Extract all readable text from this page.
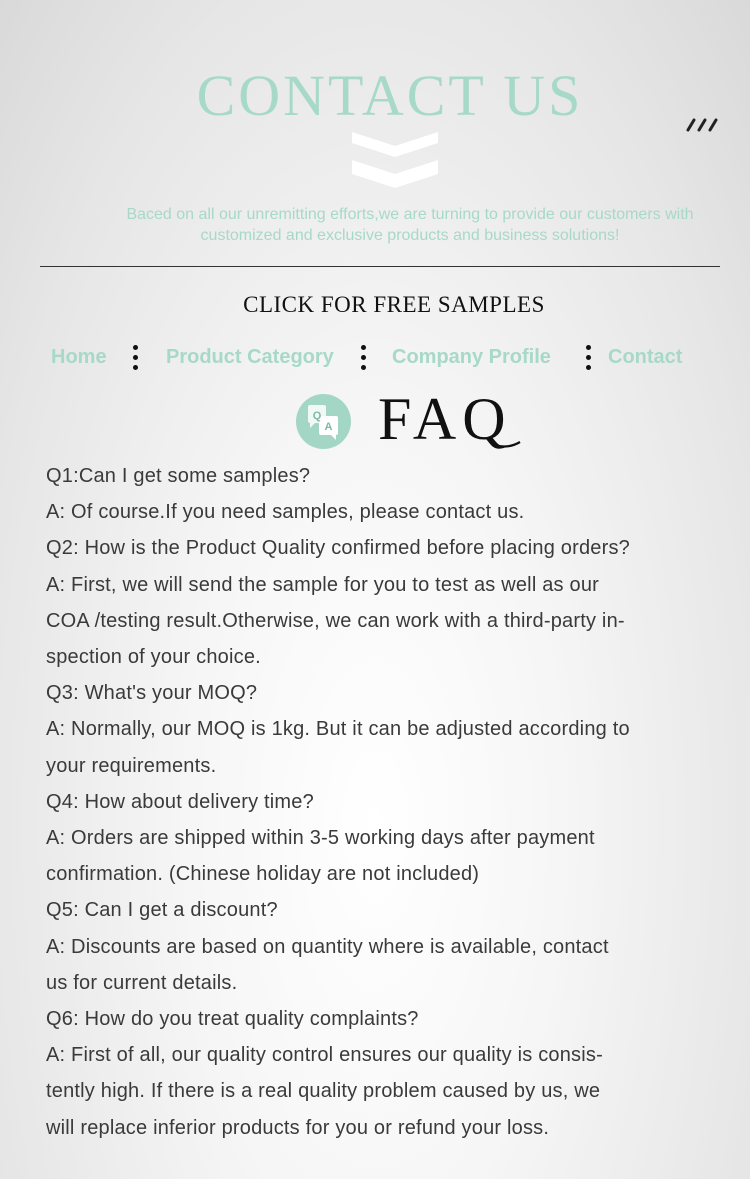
CONTACT US
Baced on all our unremitting efforts,we are turning to provide our customers with
customized and exclusive products and business solutions!
CLICK FOR FREE SAMPLES
Home	Product Category	Company Profile	Contact
Q
A FAQ
Q1:Can I get some samples?
A: Of course.If you need samples, please contact us.
Q2: How is the Product Quality confirmed before placing orders?
A: First, we will send the sample for you to test as well as our
COA /testing result.Otherwise, we can work with a third-party in-
spection of your choice.
Q3: What's your MOQ?
A: Normally, our MOQ is 1kg. But it can be adjusted according to
your requirements.
Q4: How about delivery time?
A: Orders are shipped within 3-5 working days after payment
confirmation. (Chinese holiday are not included)
Q5: Can I get a discount?
A: Discounts are based on quantity where is available, contact
us for current details.
Q6: How do you treat quality complaints?
A: First of all, our quality control ensures our quality is consis-
tently high. If there is a real quality problem caused by us, we
will replace inferior products for you or refund your loss.
